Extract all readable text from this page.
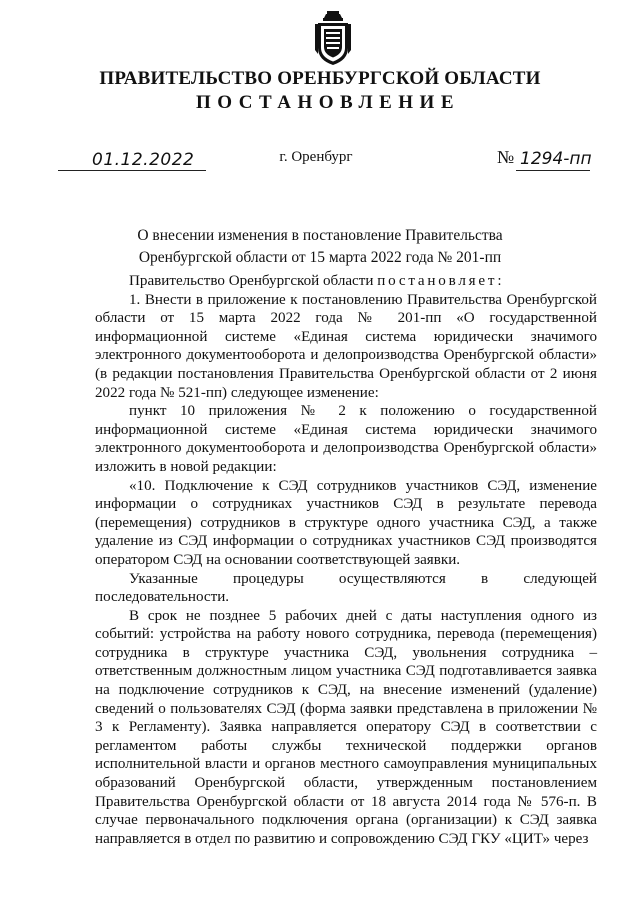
ПРАВИТЕЛЬСТВО ОРЕНБУРГСКОЙ ОБЛАСТИ
ПОСТАНОВЛЕНИЕ
01.12.2022	г. Оренбург	№ 1294-пп
О внесении изменения в постановление Правительства
Оренбургской области от 15 марта 2022 года № 201-пп

Правительство Оренбургской области постановляет:

1. Внести в приложение к постановлению Правительства Оренбургской области от 15 марта 2022 года № 201-пп «О государственной информационной системе «Единая система юридически значимого электронного документооборота и делопроизводства Оренбургской области» (в редакции постановления Правительства Оренбургской области от 2 июня 2022 года № 521-пп) следующее изменение:

пункт 10 приложения № 2 к положению о государственной информационной системе «Единая система юридически значимого электронного документооборота и делопроизводства Оренбургской области» изложить в новой редакции:

«10. Подключение к СЭД сотрудников участников СЭД, изменение информации о сотрудниках участников СЭД в результате перевода (перемещения) сотрудников в структуре одного участника СЭД, а также удаление из СЭД информации о сотрудниках участников СЭД производятся оператором СЭД на основании соответствующей заявки.

Указанные процедуры осуществляются в следующей последовательности.

В срок не позднее 5 рабочих дней с даты наступления одного из событий: устройства на работу нового сотрудника, перевода (перемещения) сотрудника в структуре участника СЭД, увольнения сотрудника – ответственным должностным лицом участника СЭД подготавливается заявка на подключение сотрудников к СЭД, на внесение изменений (удаление) сведений о пользователях СЭД (форма заявки представлена в приложении № 3 к Регламенту). Заявка направляется оператору СЭД в соответствии с регламентом работы службы технической поддержки органов исполнительной власти и органов местного самоуправления муниципальных образований Оренбургской области, утвержденным постановлением Правительства Оренбургской области от 18 августа 2014 года № 576-п. В случае первоначального подключения органа (организации) к СЭД заявка направляется в отдел по развитию и сопровождению СЭД ГКУ «ЦИТ» через
